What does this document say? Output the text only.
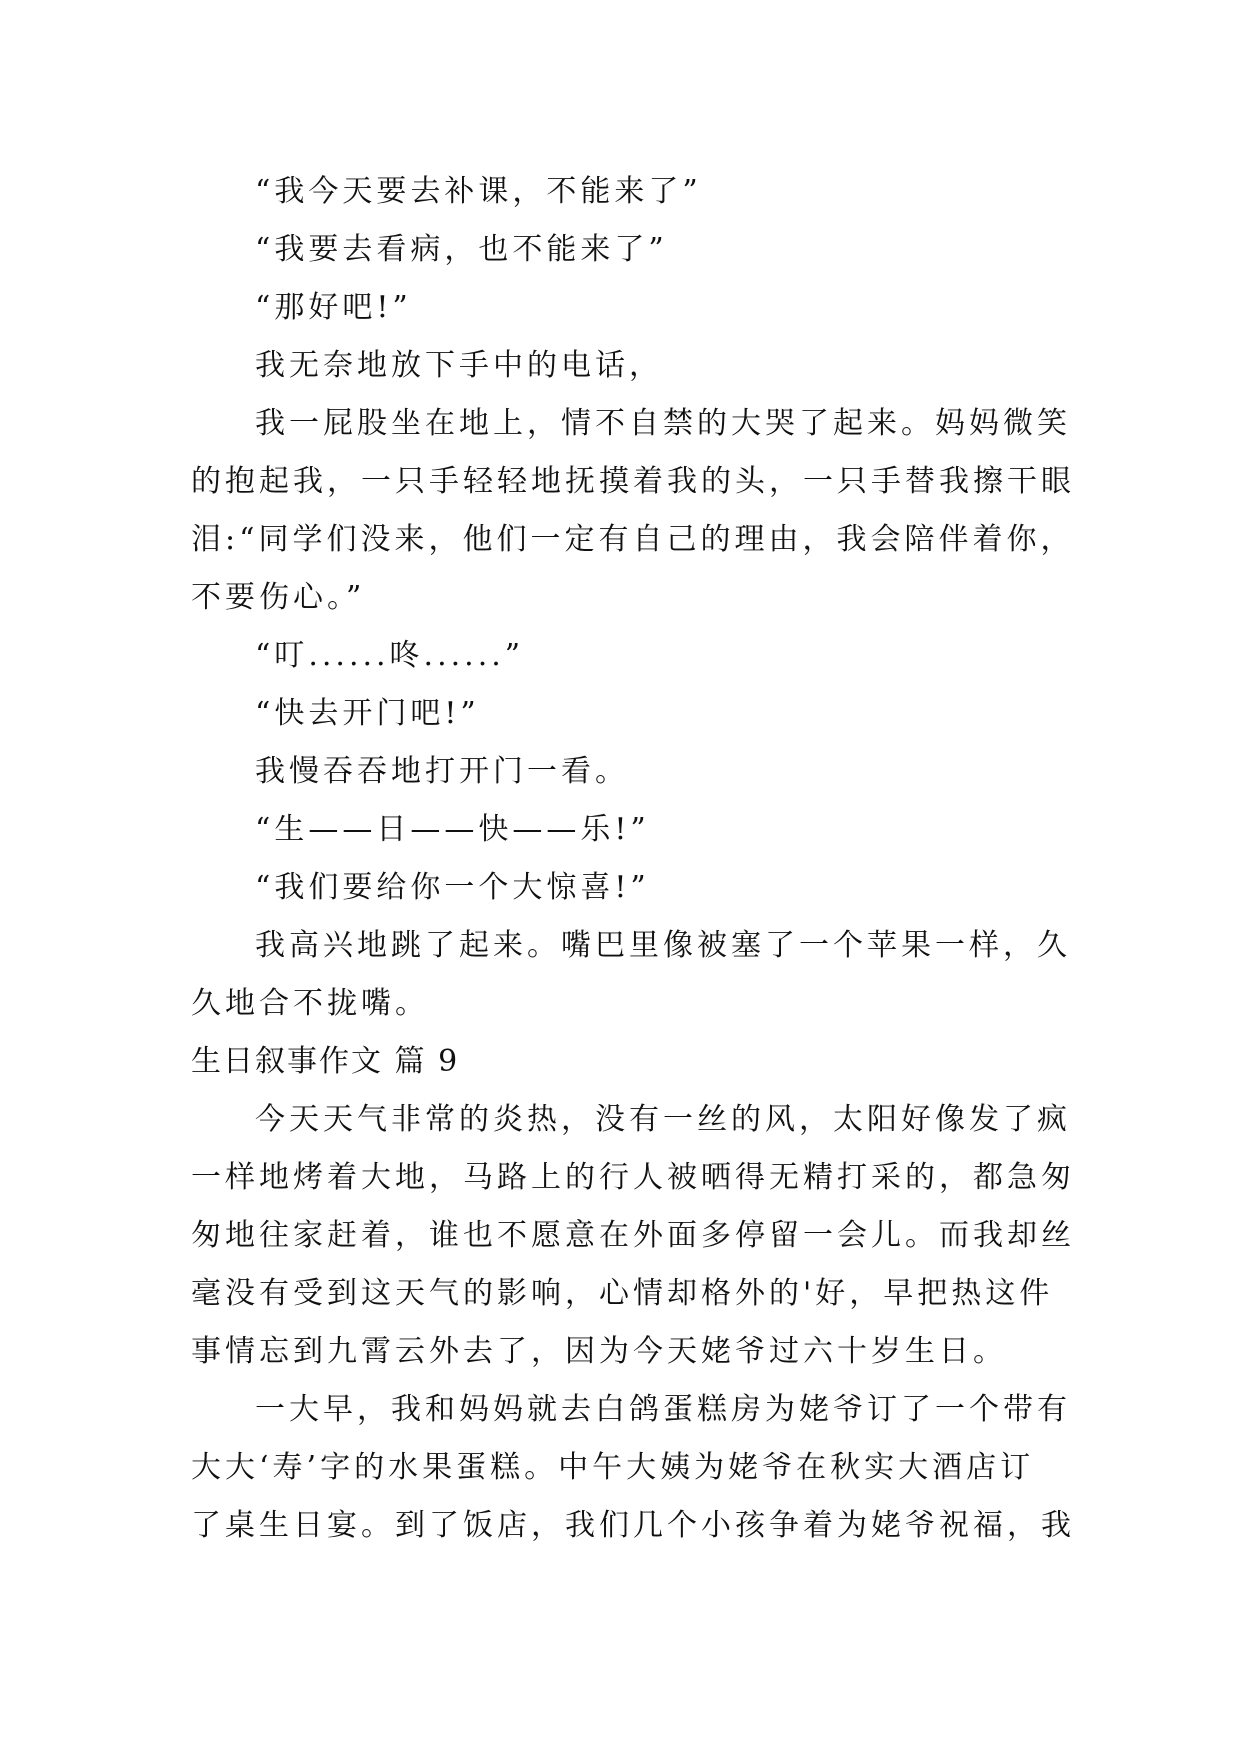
“我今天要去补课，不能来了”
“我要去看病，也不能来了”
“那好吧!”
我无奈地放下手中的电话，
我一屁股坐在地上，情不自禁的大哭了起来。妈妈微笑
的抱起我，一只手轻轻地抚摸着我的头，一只手替我擦干眼
泪:“同学们没来，他们一定有自己的理由，我会陪伴着你，
不要伤心。”
“叮......咚......”
“快去开门吧!”
我慢吞吞地打开门一看。
“生——日——快——乐!”
“我们要给你一个大惊喜!”
我高兴地跳了起来。嘴巴里像被塞了一个苹果一样，久
久地合不拢嘴。
生日叙事作文 篇 9
今天天气非常的炎热，没有一丝的风，太阳好像发了疯
一样地烤着大地，马路上的行人被晒得无精打采的，都急匆
匆地往家赶着，谁也不愿意在外面多停留一会儿。而我却丝
毫没有受到这天气的影响，心情却格外的'好，早把热这件
事情忘到九霄云外去了，因为今天姥爷过六十岁生日。
一大早，我和妈妈就去白鸽蛋糕房为姥爷订了一个带有
大大‘寿’字的水果蛋糕。中午大姨为姥爷在秋实大酒店订
了桌生日宴。到了饭店，我们几个小孩争着为姥爷祝福，我
